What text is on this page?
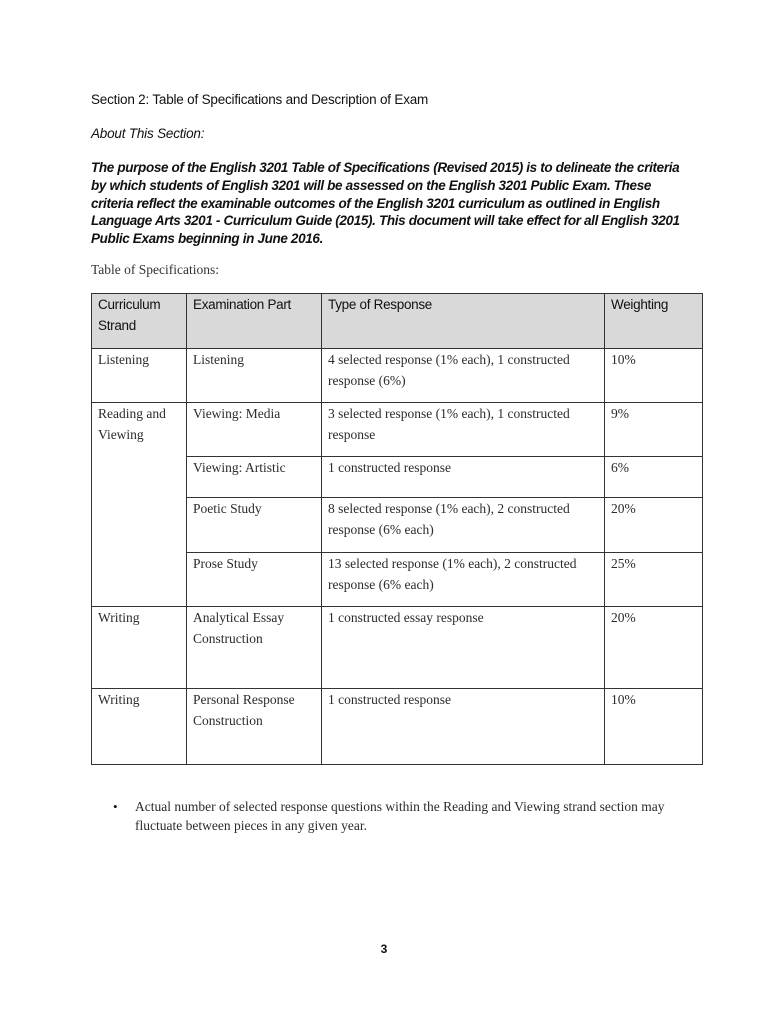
Section 2: Table of Specifications and Description of Exam
About This Section:
The purpose of the English 3201 Table of Specifications (Revised 2015) is to delineate the criteria by which students of English 3201 will be assessed on the English 3201 Public Exam. These criteria reflect the examinable outcomes of the English 3201 curriculum as outlined in English Language Arts 3201 - Curriculum Guide (2015). This document will take effect for all English 3201 Public Exams beginning in June 2016.
Table of Specifications:
Curriculum Strand	Examination Part	Type of Response	Weighting
Listening	Listening	4 selected response (1% each), 1 constructed response (6%)	10%
Reading and Viewing	Viewing: Media	3 selected response (1% each), 1 constructed response	9%
	Viewing: Artistic	1 constructed response	6%
	Poetic Study	8 selected response (1% each), 2 constructed response (6% each)	20%
	Prose Study	13 selected response (1% each), 2 constructed response (6% each)	25%
Writing	Analytical Essay Construction	1 constructed essay response	20%
Writing	Personal Response Construction	1 constructed response	10%
• Actual number of selected response questions within the Reading and Viewing strand section may fluctuate between pieces in any given year.
3
